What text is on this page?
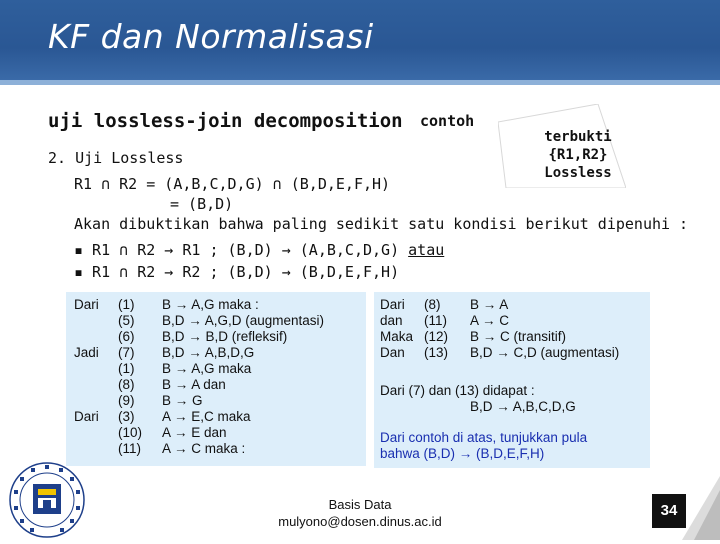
KF dan Normalisasi
uji lossless-join decomposition contoh
terbukti
{R1,R2}
Lossless
2. Uji Lossless
R1 ∩ R2 = (A,B,C,D,G) ∩ (B,D,E,F,H)
= (B,D)
Akan dibuktikan bahwa paling sedikit satu kondisi berikut dipenuhi :
▪ R1 ∩ R2 → R1 ; (B,D) → (A,B,C,D,G) atau
▪ R1 ∩ R2 → R2 ; (B,D) → (B,D,E,F,H)
Dari (1) B → A,G maka :
(5) B,D → A,G,D (augmentasi)
(6) B,D → B,D (refleksif)
Jadi (7) B,D → A,B,D,G
(1) B → A,G maka
(8) B → A dan
(9) B → G
Dari (3) A → E,C maka
(10) A → E dan
(11) A → C maka :
Dari (8) B → A
dan (11) A → C
Maka (12) B → C (transitif)
Dan (13) B,D → C,D (augmentasi)
Dari (7) dan (13) didapat :
B,D → A,B,C,D,G
Dari contoh di atas, tunjukkan pula
bahwa (B,D) → (B,D,E,F,H)
Basis Data
mulyono@dosen.dinus.ac.id
34
